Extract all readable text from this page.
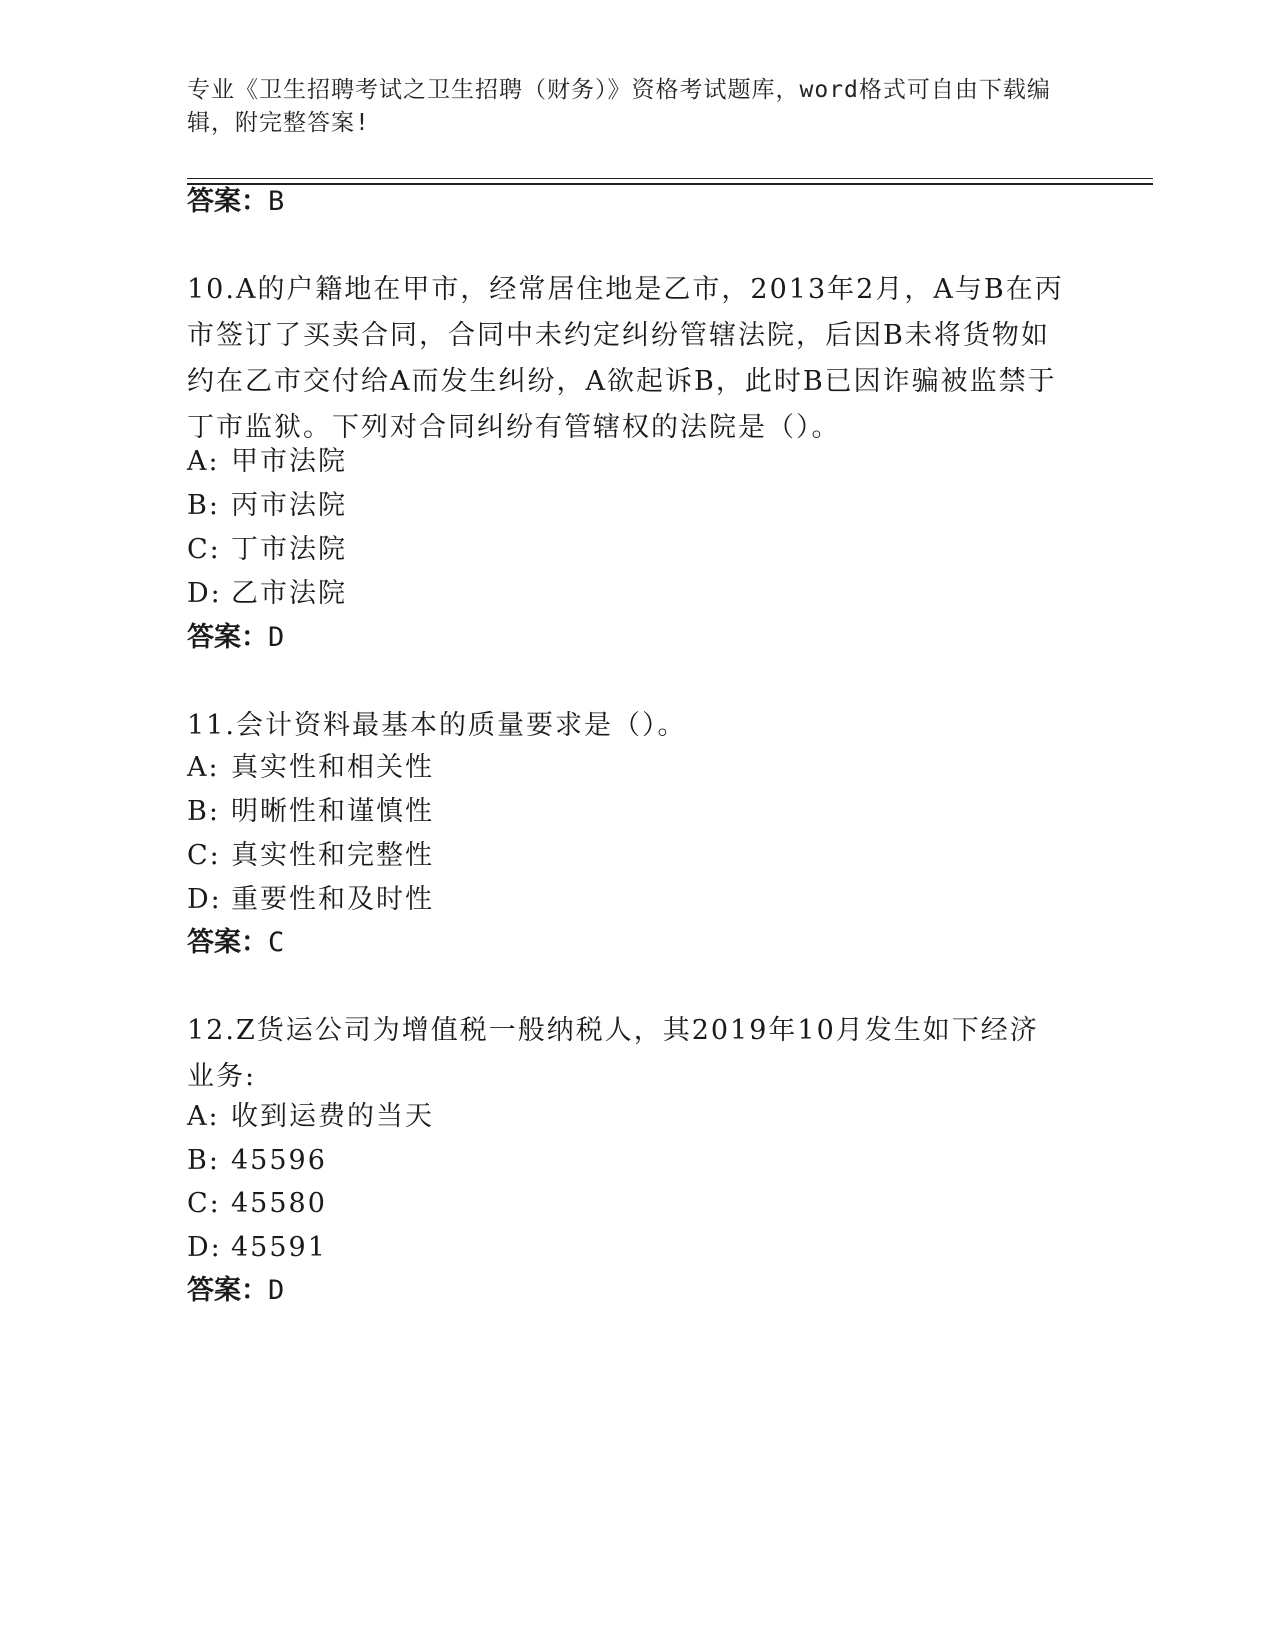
专业《卫生招聘考试之卫生招聘（财务）》资格考试题库，word格式可自由下载编辑，附完整答案!
答案：B
10.A的户籍地在甲市，经常居住地是乙市，2013年2月，A与B在丙市签订了买卖合同，合同中未约定纠纷管辖法院，后因B未将货物如约在乙市交付给A而发生纠纷，A欲起诉B，此时B已因诈骗被监禁于丁市监狱。下列对合同纠纷有管辖权的法院是（）。
A: 甲市法院
B: 丙市法院
C: 丁市法院
D: 乙市法院
答案：D
11.会计资料最基本的质量要求是（）。
A: 真实性和相关性
B: 明晰性和谨慎性
C: 真实性和完整性
D: 重要性和及时性
答案：C
12.Z货运公司为增值税一般纳税人，其2019年10月发生如下经济业务:
A: 收到运费的当天
B: 45596
C: 45580
D: 45591
答案：D
